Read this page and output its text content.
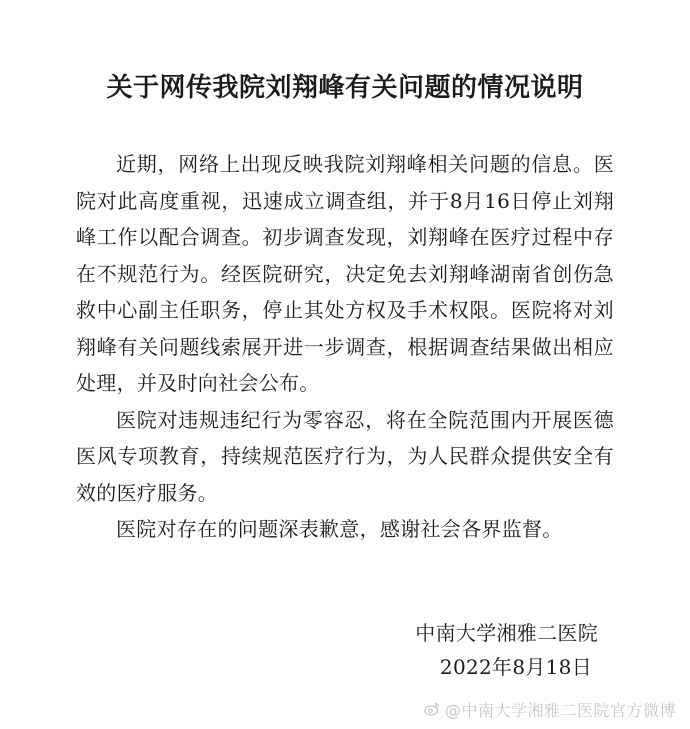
关于网传我院刘翔峰有关问题的情况说明

近期，网络上出现反映我院刘翔峰相关问题的信息。医院对此高度重视，迅速成立调查组，并于8月16日停止刘翔峰工作以配合调查。初步调查发现，刘翔峰在医疗过程中存在不规范行为。经医院研究，决定免去刘翔峰湖南省创伤急救中心副主任职务，停止其处方权及手术权限。医院将对刘翔峰有关问题线索展开进一步调查，根据调查结果做出相应处理，并及时向社会公布。

医院对违规违纪行为零容忍，将在全院范围内开展医德医风专项教育，持续规范医疗行为，为人民群众提供安全有效的医疗服务。

医院对存在的问题深表歉意，感谢社会各界监督。

中南大学湘雅二医院
2022年8月18日
@中南大学湘雅二医院官方微博
